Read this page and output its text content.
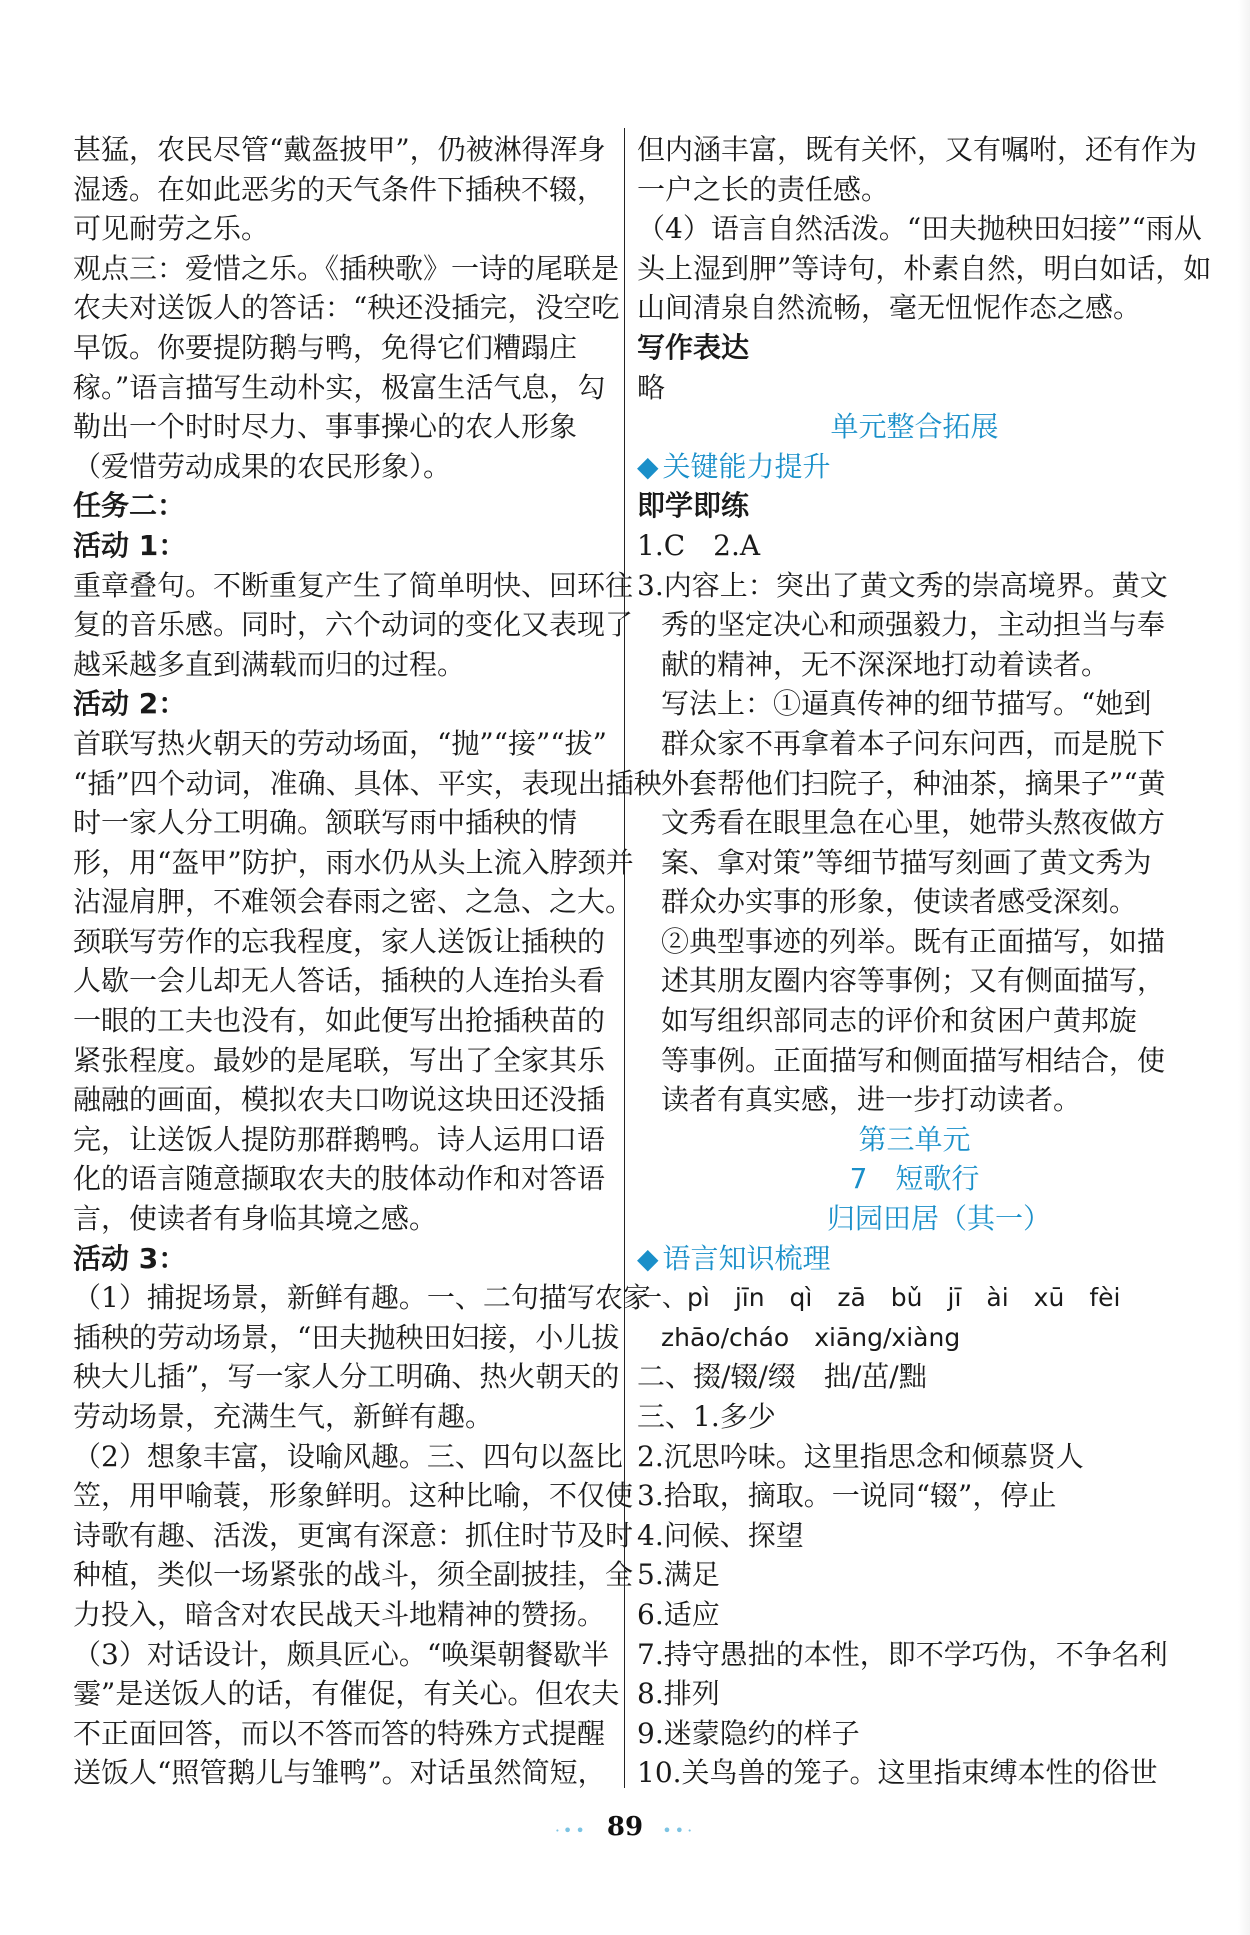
甚猛，农民尽管“戴盔披甲”，仍被淋得浑身
湿透。在如此恶劣的天气条件下插秧不辍，
可见耐劳之乐。
观点三：爱惜之乐。《插秧歌》一诗的尾联是
农夫对送饭人的答话：“秧还没插完，没空吃
早饭。你要提防鹅与鸭，免得它们糟蹋庄
稼。”语言描写生动朴实，极富生活气息，勾
勒出一个时时尽力、事事操心的农人形象
（爱惜劳动成果的农民形象）。
任务二：
活动 1：
重章叠句。不断重复产生了简单明快、回环往
复的音乐感。同时，六个动词的变化又表现了
越采越多直到满载而归的过程。
活动 2：
首联写热火朝天的劳动场面，“抛”“接”“拔”
“插”四个动词，准确、具体、平实，表现出插秧
时一家人分工明确。颔联写雨中插秧的情
形，用“盔甲”防护，雨水仍从头上流入脖颈并
沾湿肩胛，不难领会春雨之密、之急、之大。
颈联写劳作的忘我程度，家人送饭让插秧的
人歇一会儿却无人答话，插秧的人连抬头看
一眼的工夫也没有，如此便写出抢插秧苗的
紧张程度。最妙的是尾联，写出了全家其乐
融融的画面，模拟农夫口吻说这块田还没插
完，让送饭人提防那群鹅鸭。诗人运用口语
化的语言随意撷取农夫的肢体动作和对答语
言，使读者有身临其境之感。
活动 3：
（1）捕捉场景，新鲜有趣。一、二句描写农家
插秧的劳动场景，“田夫抛秧田妇接，小儿拔
秧大儿插”，写一家人分工明确、热火朝天的
劳动场景，充满生气，新鲜有趣。
（2）想象丰富，设喻风趣。三、四句以盔比
笠，用甲喻蓑，形象鲜明。这种比喻，不仅使
诗歌有趣、活泼，更寓有深意：抓住时节及时
种植，类似一场紧张的战斗，须全副披挂，全
力投入，暗含对农民战天斗地精神的赞扬。
（3）对话设计，颇具匠心。“唤渠朝餐歇半
霎”是送饭人的话，有催促，有关心。但农夫
不正面回答，而以不答而答的特殊方式提醒
送饭人“照管鹅儿与雏鸭”。对话虽然简短，
但内涵丰富，既有关怀，又有嘱咐，还有作为
一户之长的责任感。
（4）语言自然活泼。“田夫抛秧田妇接”“雨从
头上湿到胛”等诗句，朴素自然，明白如话，如
山间清泉自然流畅，毫无忸怩作态之感。
写作表达
略
单元整合拓展
◆ 关键能力提升
即学即练
1.C　2.A
3.内容上：突出了黄文秀的崇高境界。黄文
秀的坚定决心和顽强毅力，主动担当与奉
献的精神，无不深深地打动着读者。
写法上：①逼真传神的细节描写。“她到
群众家不再拿着本子问东问西，而是脱下
外套帮他们扫院子，种油茶，摘果子”“黄
文秀看在眼里急在心里，她带头熬夜做方
案、拿对策”等细节描写刻画了黄文秀为
群众办实事的形象，使读者感受深刻。
②典型事迹的列举。既有正面描写，如描
述其朋友圈内容等事例；又有侧面描写，
如写组织部同志的评价和贫困户黄邦旋
等事例。正面描写和侧面描写相结合，使
读者有真实感，进一步打动读者。
第三单元
7　短歌行
归园田居（其一）
◆ 语言知识梳理
一、pì　jīn　qì　zā　bǔ　jī　ài　xū　fèi
zhāo/cháo　xiāng/xiàng
二、掇/辍/缀　拙/茁/黜
三、1.多少
2.沉思吟味。这里指思念和倾慕贤人
3.拾取，摘取。一说同“辍”，停止
4.问候、探望
5.满足
6.适应
7.持守愚拙的本性，即不学巧伪，不争名利
8.排列
9.迷蒙隐约的样子
10.关鸟兽的笼子。这里指束缚本性的俗世
·•• 89 ••·
